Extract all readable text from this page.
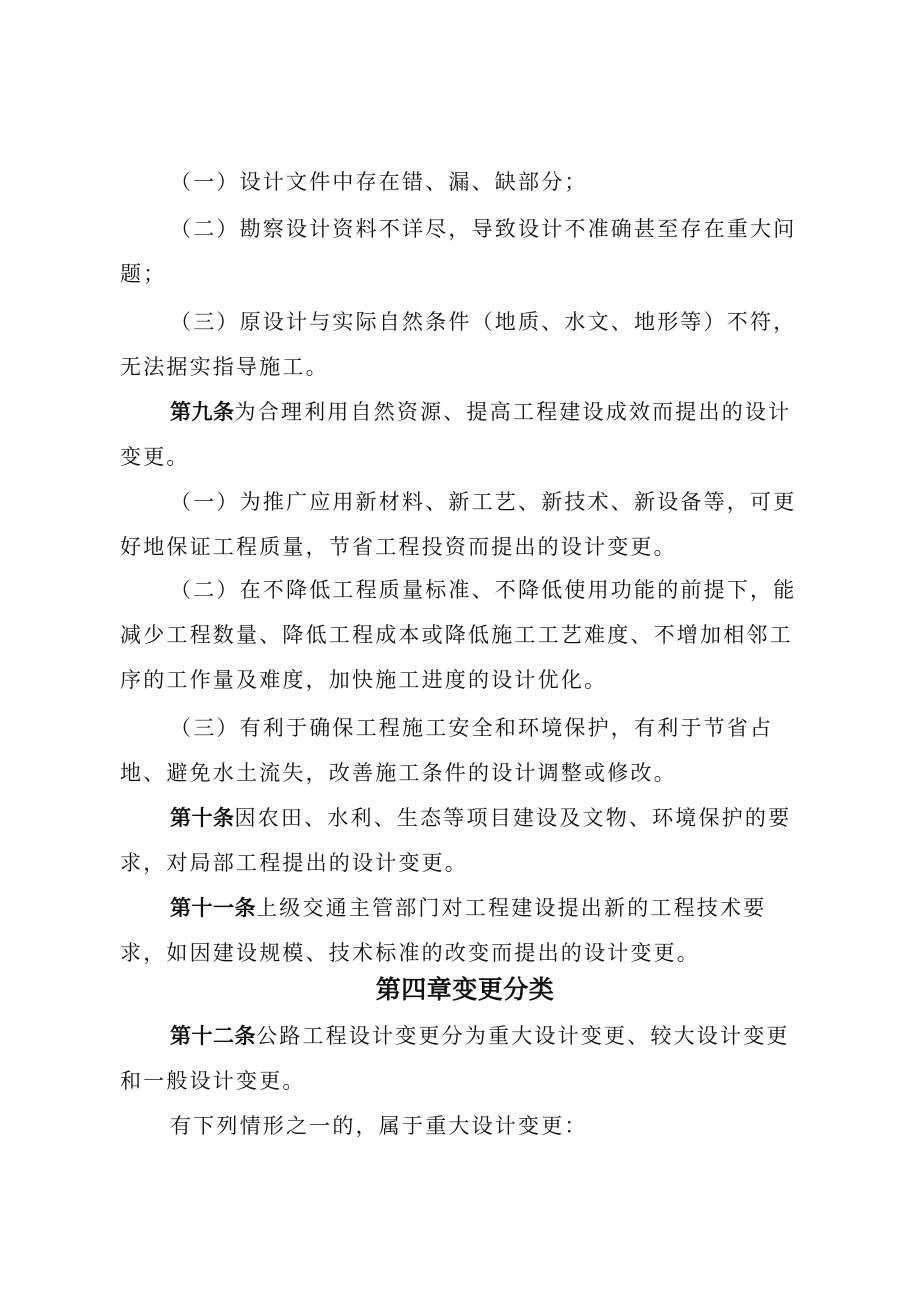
（一）设计文件中存在错、漏、缺部分；

（二）勘察设计资料不详尽，导致设计不准确甚至存在重大问题；

（三）原设计与实际自然条件（地质、水文、地形等）不符，无法据实指导施工。

第九条为合理利用自然资源、提高工程建设成效而提出的设计变更。

（一）为推广应用新材料、新工艺、新技术、新设备等，可更好地保证工程质量，节省工程投资而提出的设计变更。

（二）在不降低工程质量标准、不降低使用功能的前提下，能减少工程数量、降低工程成本或降低施工工艺难度、不增加相邻工序的工作量及难度，加快施工进度的设计优化。

（三）有利于确保工程施工安全和环境保护，有利于节省占地、避免水土流失，改善施工条件的设计调整或修改。

第十条因农田、水利、生态等项目建设及文物、环境保护的要求，对局部工程提出的设计变更。

第十一条上级交通主管部门对工程建设提出新的工程技术要求，如因建设规模、技术标准的改变而提出的设计变更。

第四章变更分类

第十二条公路工程设计变更分为重大设计变更、较大设计变更和一般设计变更。

有下列情形之一的，属于重大设计变更：
